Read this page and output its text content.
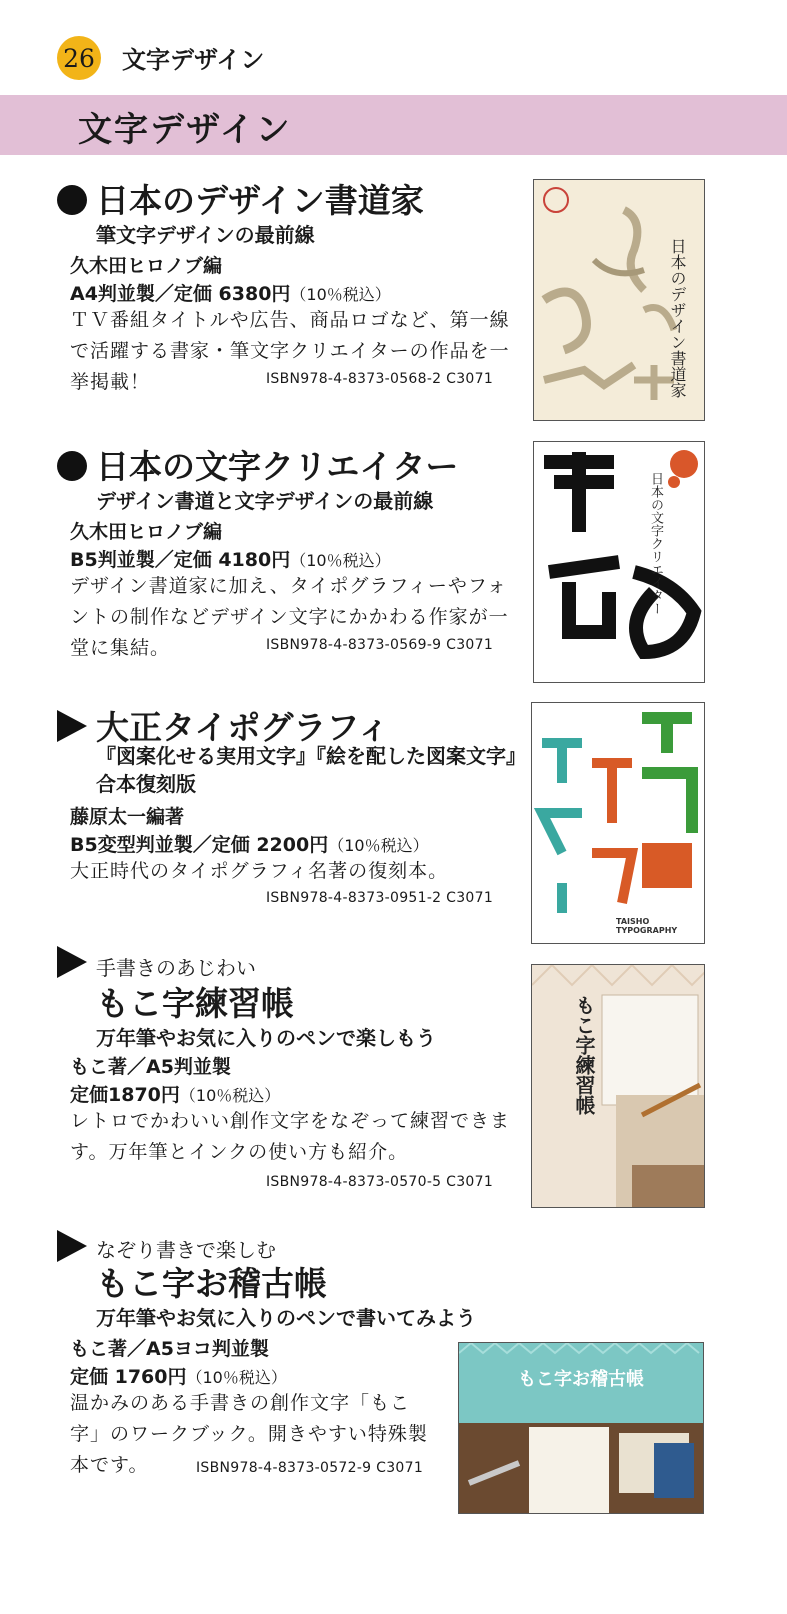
26 文字デザイン
文字デザイン
日本のデザイン書道家
筆文字デザインの最前線
久木田ヒロノブ編
A4判並製／定価 6380円（10％税込）
ＴＶ番組タイトルや広告、商品ロゴなど、第一線で活躍する書家・筆文字クリエイターの作品を一挙掲載！	ISBN978-4-8373-0568-2 C3071	日本のデザイン書道家
日本の文字クリエイター
デザイン書道と文字デザインの最前線
久木田ヒロノブ編
B5判並製／定価 4180円（10％税込）
デザイン書道家に加え、タイポグラフィーやフォントの制作などデザイン文字にかかわる作家が一堂に集結。	ISBN978-4-8373-0569-9 C3071
日本の文字クリエイター
大正タイポグラフィ
『図案化せる実用文字』『絵を配した図案文字』合本復刻版
藤原太一編著
B5変型判並製／定価 2200円（10％税込）
大正時代のタイポグラフィ名著の復刻本。
ISBN978-4-8373-0951-2 C3071
TAISHO TYPOGRAPHY
手書きのあじわい
もこ字練習帳
万年筆やお気に入りのペンで楽しもう
もこ著／A5判並製
定価1870円（10％税込）
レトロでかわいい創作文字をなぞって練習できます。万年筆とインクの使い方も紹介。
ISBN978-4-8373-0570-5 C3071
もこ字練習帳
なぞり書きで楽しむ
もこ字お稽古帳
万年筆やお気に入りのペンで書いてみよう
もこ著／A5ヨコ判並製
定価 1760円（10％税込）
温かみのある手書きの創作文字「もこ字」のワークブック。開きやすい特殊製本です。	ISBN978-4-8373-0572-9 C3071
もこ字お稽古帳
